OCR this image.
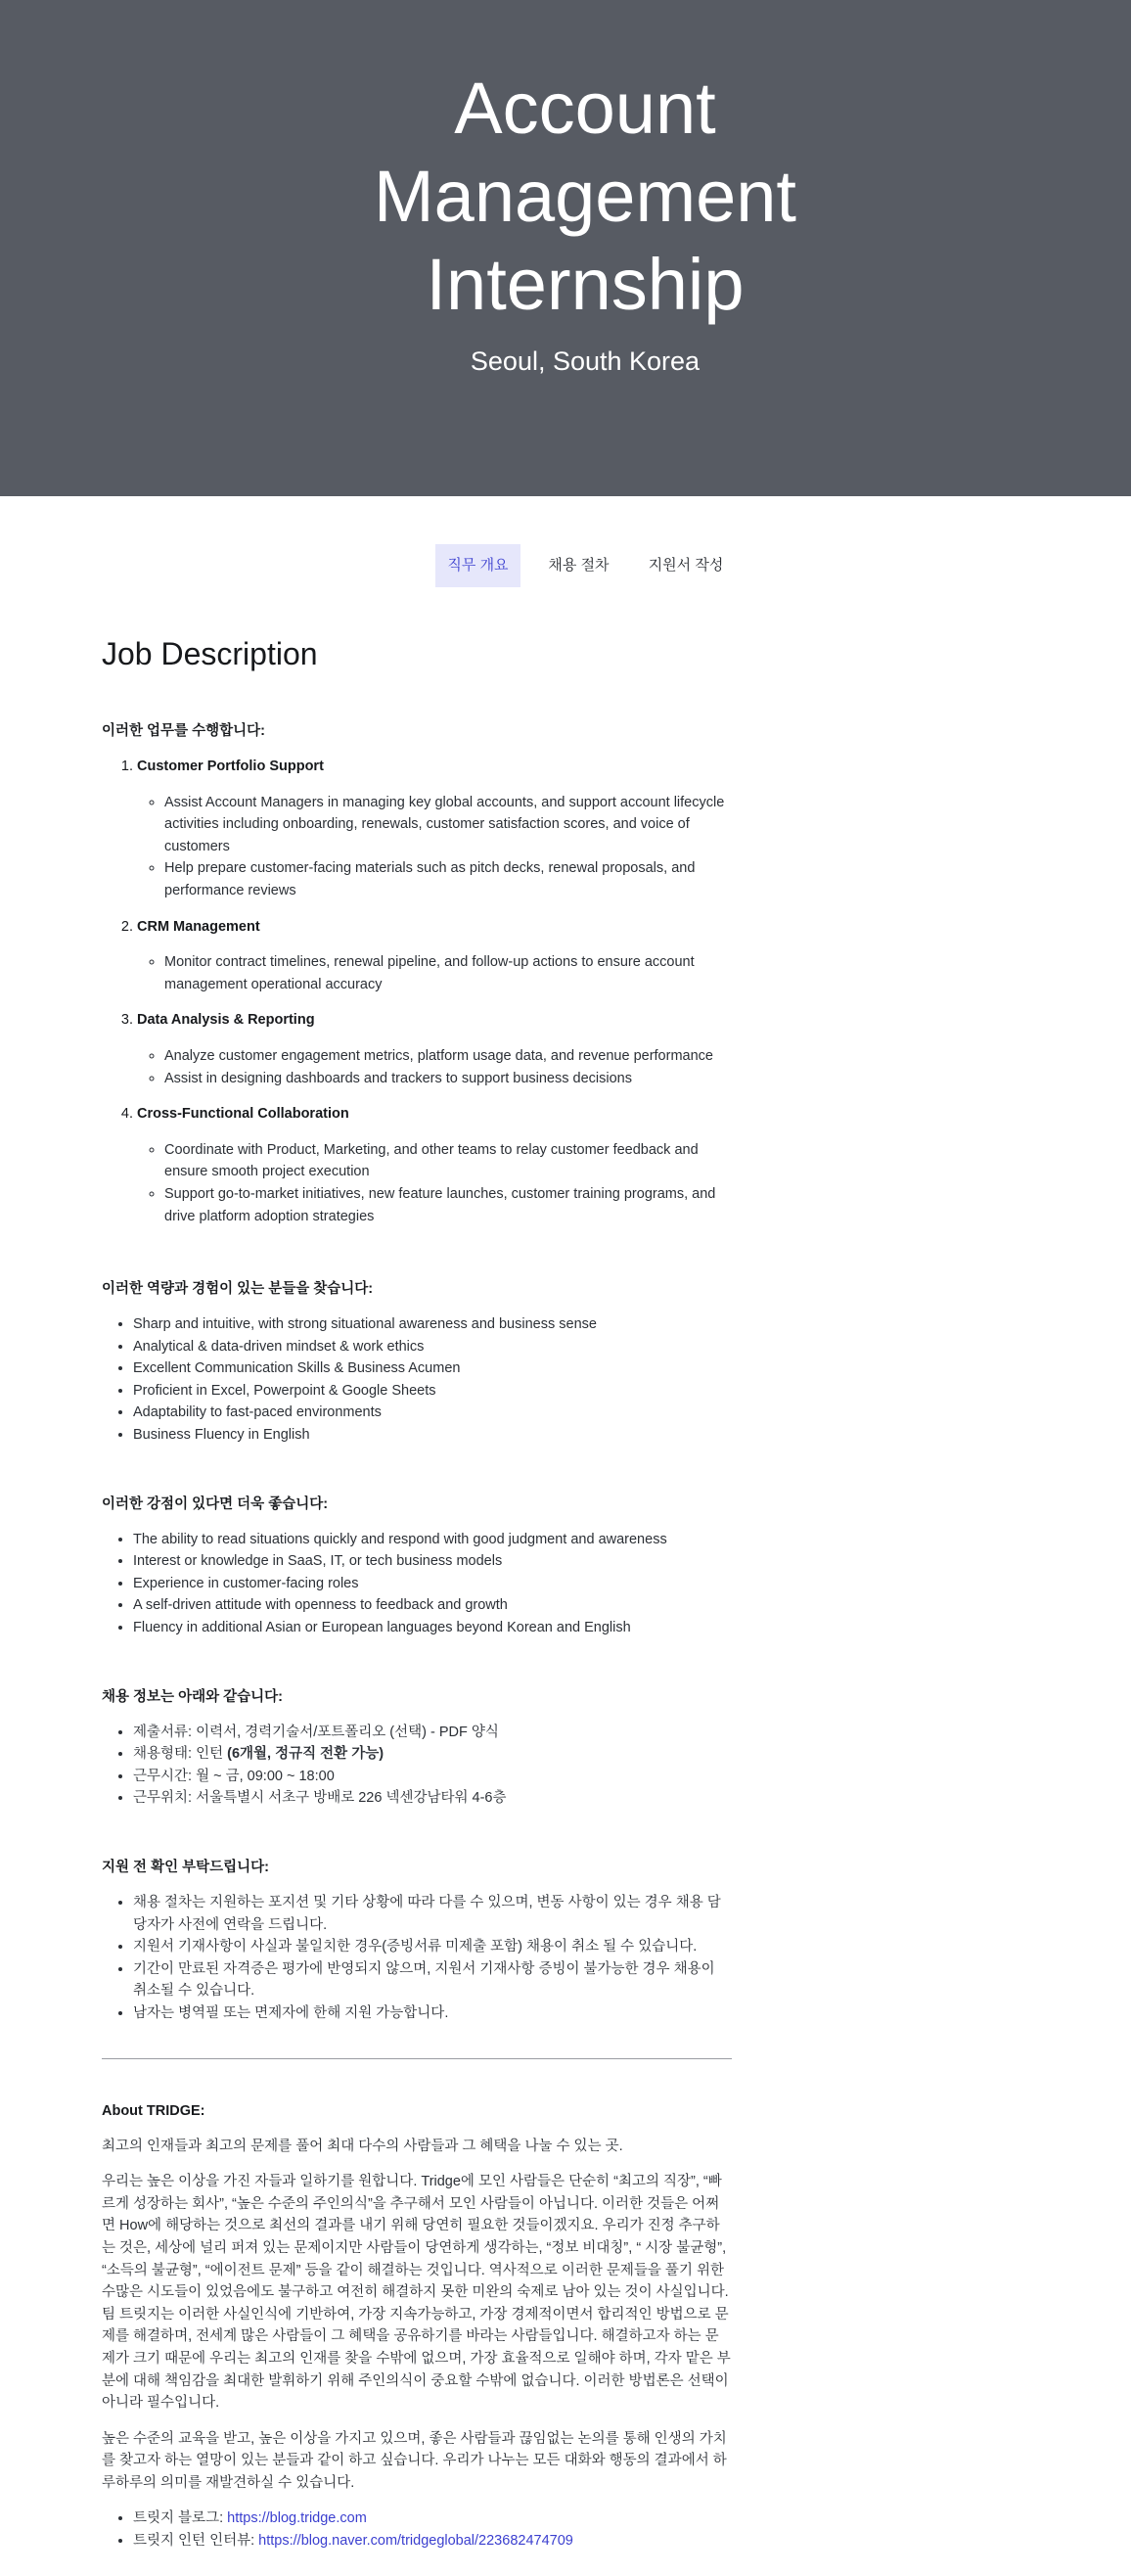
Account
Management
Internship
Seoul, South Korea
직무 개요	채용 절차	지원서 작성
Job Description
이러한 업무를 수행합니다:
1. Customer Portfolio Support
◦ Assist Account Managers in managing key global accounts, and support account lifecycle activities including onboarding, renewals, customer satisfaction scores, and voice of customers
◦ Help prepare customer-facing materials such as pitch decks, renewal proposals, and performance reviews
2. CRM Management
◦ Monitor contract timelines, renewal pipeline, and follow-up actions to ensure account management operational accuracy
3. Data Analysis & Reporting
◦ Analyze customer engagement metrics, platform usage data, and revenue performance
◦ Assist in designing dashboards and trackers to support business decisions
4. Cross-Functional Collaboration
◦ Coordinate with Product, Marketing, and other teams to relay customer feedback and ensure smooth project execution
◦ Support go-to-market initiatives, new feature launches, customer training programs, and drive platform adoption strategies
이러한 역량과 경험이 있는 분들을 찾습니다:
• Sharp and intuitive, with strong situational awareness and business sense
• Analytical & data-driven mindset & work ethics
• Excellent Communication Skills & Business Acumen
• Proficient in Excel, Powerpoint & Google Sheets
• Adaptability to fast-paced environments
• Business Fluency in English
이러한 강점이 있다면 더욱 좋습니다:
• The ability to read situations quickly and respond with good judgment and awareness
• Interest or knowledge in SaaS, IT, or tech business models
• Experience in customer-facing roles
• A self-driven attitude with openness to feedback and growth
• Fluency in additional Asian or European languages beyond Korean and English
채용 정보는 아래와 같습니다:
• 제출서류: 이력서, 경력기술서/포트폴리오 (선택) - PDF 양식
• 채용형태: 인턴 (6개월, 정규직 전환 가능)
• 근무시간: 월 ~ 금, 09:00 ~ 18:00
• 근무위치: 서울특별시 서초구 방배로 226 넥센강남타워 4-6층
지원 전 확인 부탁드립니다:
• 채용 절차는 지원하는 포지션 및 기타 상황에 따라 다를 수 있으며, 변동 사항이 있는 경우 채용 담당자가 사전에 연락을 드립니다.
• 지원서 기재사항이 사실과 불일치한 경우(증빙서류 미제출 포함) 채용이 취소 될 수 있습니다.
• 기간이 만료된 자격증은 평가에 반영되지 않으며, 지원서 기재사항 증빙이 불가능한 경우 채용이 취소될 수 있습니다.
• 남자는 병역필 또는 면제자에 한해 지원 가능합니다.
About TRIDGE:

최고의 인재들과 최고의 문제를 풀어 최대 다수의 사람들과 그 혜택을 나눌 수 있는 곳.

우리는 높은 이상을 가진 자들과 일하기를 원합니다. Tridge에 모인 사람들은 단순히 “최고의 직장”, “빠르게 성장하는 회사”, “높은 수준의 주인의식”을 추구해서 모인 사람들이 아닙니다. 이러한 것들은 어쩌면 How에 해당하는 것으로 최선의 결과를 내기 위해 당연히 필요한 것들이겠지요. 우리가 진정 추구하는 것은, 세상에 널리 퍼져 있는 문제이지만 사람들이 당연하게 생각하는, “정보 비대칭”, “ 시장 불균형”, “소득의 불균형”, “에이전트 문제” 등을 같이 해결하는 것입니다. 역사적으로 이러한 문제들을 풀기 위한 수많은 시도들이 있었음에도 불구하고 여전히 해결하지 못한 미완의 숙제로 남아 있는 것이 사실입니다. 팀 트릿지는 이러한 사실인식에 기반하여, 가장 지속가능하고, 가장 경제적이면서 합리적인 방법으로 문제를 해결하며, 전세계 많은 사람들이 그 혜택을 공유하기를 바라는 사람들입니다. 해결하고자 하는 문제가 크기 때문에 우리는 최고의 인재를 찾을 수밖에 없으며, 가장 효율적으로 일해야 하며, 각자 맡은 부분에 대해 책임감을 최대한 발휘하기 위해 주인의식이 중요할 수밖에 없습니다. 이러한 방법론은 선택이 아니라 필수입니다.

높은 수준의 교육을 받고, 높은 이상을 가지고 있으며, 좋은 사람들과 끊임없는 논의를 통해 인생의 가치를 찾고자 하는 열망이 있는 분들과 같이 하고 싶습니다. 우리가 나누는 모든 대화와 행동의 결과에서 하루하루의 의미를 재발견하실 수 있습니다.

• 트릿지 블로그: https://blog.tridge.com
• 트릿지 인턴 인터뷰: https://blog.naver.com/tridgeglobal/223682474709
